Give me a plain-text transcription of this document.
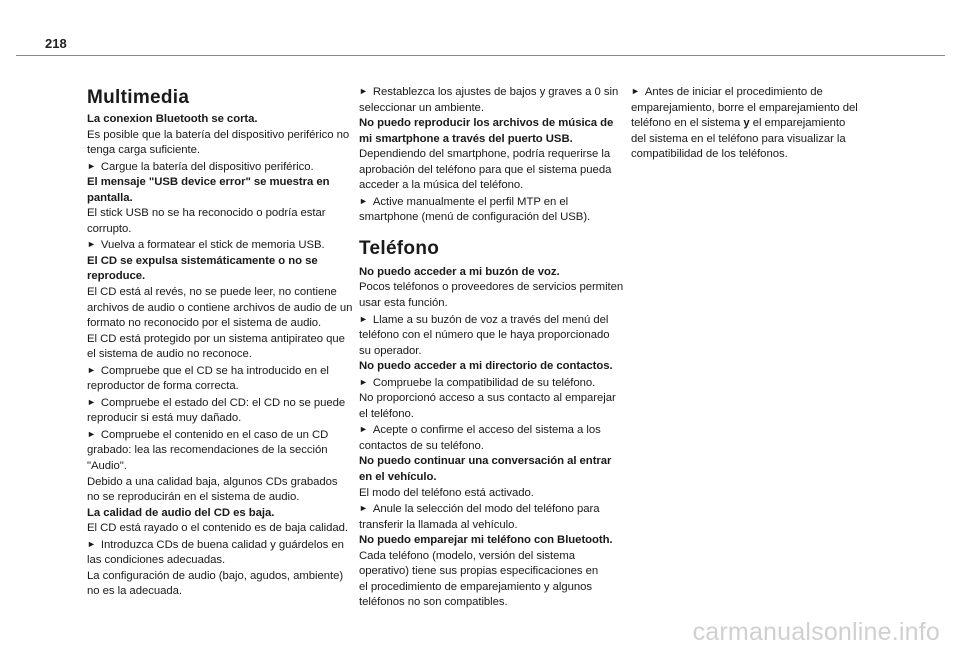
218
Multimedia
La conexion Bluetooth se corta.
Es posible que la batería del dispositivo periférico no
tenga carga suficiente.
► Cargue la batería del dispositivo periférico.
El mensaje "USB device error" se muestra en
pantalla.
El stick USB no se ha reconocido o podría estar
corrupto.
► Vuelva a formatear el stick de memoria USB.
El CD se expulsa sistemáticamente o no se
reproduce.
El CD está al revés, no se puede leer, no contiene
archivos de audio o contiene archivos de audio de un
formato no reconocido por el sistema de audio.
El CD está protegido por un sistema antipirateo que
el sistema de audio no reconoce.
► Compruebe que el CD se ha introducido en el
reproductor de forma correcta.
► Compruebe el estado del CD: el CD no se puede
reproducir si está muy dañado.
► Compruebe el contenido en el caso de un CD
grabado: lea las recomendaciones de la sección
"Audio".
Debido a una calidad baja, algunos CDs grabados
no se reproducirán en el sistema de audio.
La calidad de audio del CD es baja.
El CD está rayado o el contenido es de baja calidad.
► Introduzca CDs de buena calidad y guárdelos en
las condiciones adecuadas.
La configuración de audio (bajo, agudos, ambiente)
no es la adecuada.
► Restablezca los ajustes de bajos y graves a 0 sin
seleccionar un ambiente.
No puedo reproducir los archivos de música de
mi smartphone a través del puerto USB.
Dependiendo del smartphone, podría requerirse la
aprobación del teléfono para que el sistema pueda
acceder a la música del teléfono.
► Active manualmente el perfil MTP en el
smartphone (menú de configuración del USB).
Teléfono
No puedo acceder a mi buzón de voz.
Pocos teléfonos o proveedores de servicios permiten
usar esta función.
► Llame a su buzón de voz a través del menú del
teléfono con el número que le haya proporcionado
su operador.
No puedo acceder a mi directorio de contactos.
► Compruebe la compatibilidad de su teléfono.
No proporcionó acceso a sus contacto al emparejar
el teléfono.
► Acepte o confirme el acceso del sistema a los
contactos de su teléfono.
No puedo continuar una conversación al entrar
en el vehículo.
El modo del teléfono está activado.
► Anule la selección del modo del teléfono para
transferir la llamada al vehículo.
No puedo emparejar mi teléfono con Bluetooth.
Cada teléfono (modelo, versión del sistema
operativo) tiene sus propias especificaciones en
el procedimiento de emparejamiento y algunos
teléfonos no son compatibles.
► Antes de iniciar el procedimiento de
emparejamiento, borre el emparejamiento del
teléfono en el sistema y el emparejamiento
del sistema en el teléfono para visualizar la
compatibilidad de los teléfonos.
carmanualsonline.info
